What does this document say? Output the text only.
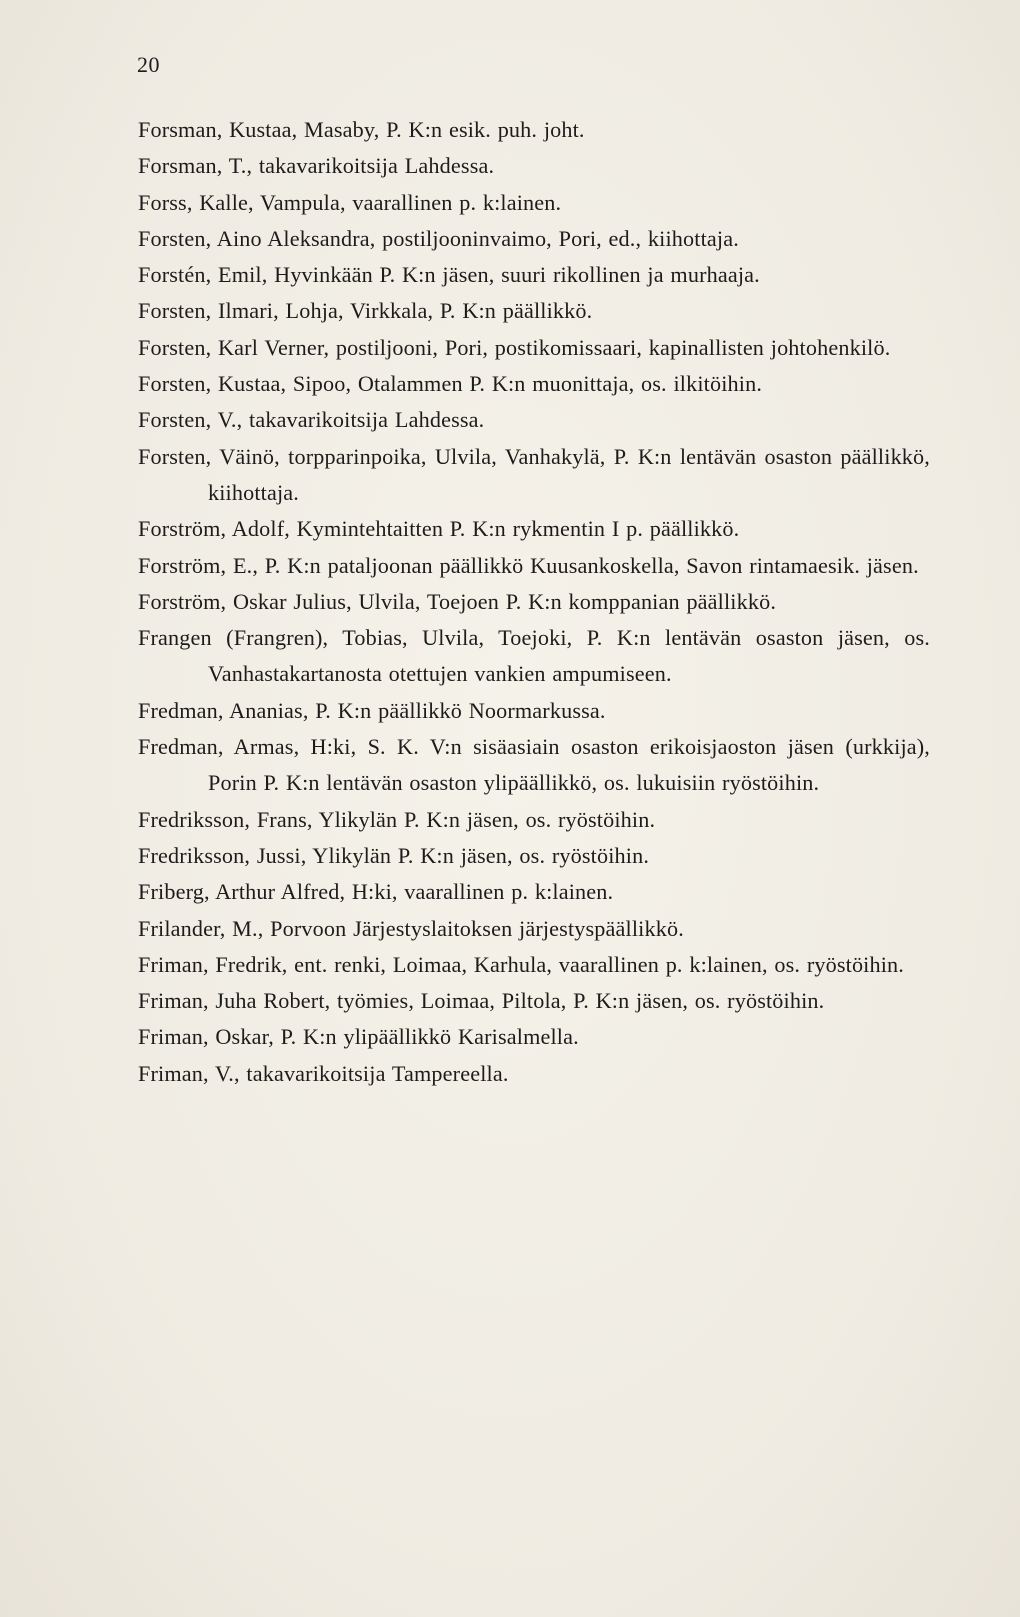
20
Forsman, Kustaa, Masaby, P. K:n esik. puh. joht.
Forsman, T., takavarikoitsija Lahdessa.
Forss, Kalle, Vampula, vaarallinen p. k:lainen.
Forsten, Aino Aleksandra, postiljooninvaimo, Pori, ed., kiihottaja.
Forstén, Emil, Hyvinkään P. K:n jäsen, suuri rikollinen ja murhaaja.
Forsten, Ilmari, Lohja, Virkkala, P. K:n päällikkö.
Forsten, Karl Verner, postiljooni, Pori, postikomissaari, kapinallisten johtohenkilö.
Forsten, Kustaa, Sipoo, Otalammen P. K:n muonittaja, os. ilkitöihin.
Forsten, V., takavarikoitsija Lahdessa.
Forsten, Väinö, torpparinpoika, Ulvila, Vanhakylä, P. K:n lentävän osaston päällikkö, kiihottaja.
Forström, Adolf, Kymintehtaitten P. K:n rykmentin I p. päällikkö.
Forström, E., P. K:n pataljoonan päällikkö Kuusankoskella, Savon rintamaesik. jäsen.
Forström, Oskar Julius, Ulvila, Toejoen P. K:n komppanian päällikkö.
Frangen (Frangren), Tobias, Ulvila, Toejoki, P. K:n lentävän osaston jäsen, os. Vanhastakartanosta otettujen vankien ampumiseen.
Fredman, Ananias, P. K:n päällikkö Noormarkussa.
Fredman, Armas, H:ki, S. K. V:n sisäasiain osaston erikoisjaoston jäsen (urkkija), Porin P. K:n lentävän osaston ylipäällikkö, os. lukuisiin ryöstöihin.
Fredriksson, Frans, Ylikylän P. K:n jäsen, os. ryöstöihin.
Fredriksson, Jussi, Ylikylän P. K:n jäsen, os. ryöstöihin.
Friberg, Arthur Alfred, H:ki, vaarallinen p. k:lainen.
Frilander, M., Porvoon Järjestyslaitoksen järjestyspäällikkö.
Friman, Fredrik, ent. renki, Loimaa, Karhula, vaarallinen p. k:lainen, os. ryöstöihin.
Friman, Juha Robert, työmies, Loimaa, Piltola, P. K:n jäsen, os. ryöstöihin.
Friman, Oskar, P. K:n ylipäällikkö Karisalmella.
Friman, V., takavarikoitsija Tampereella.
